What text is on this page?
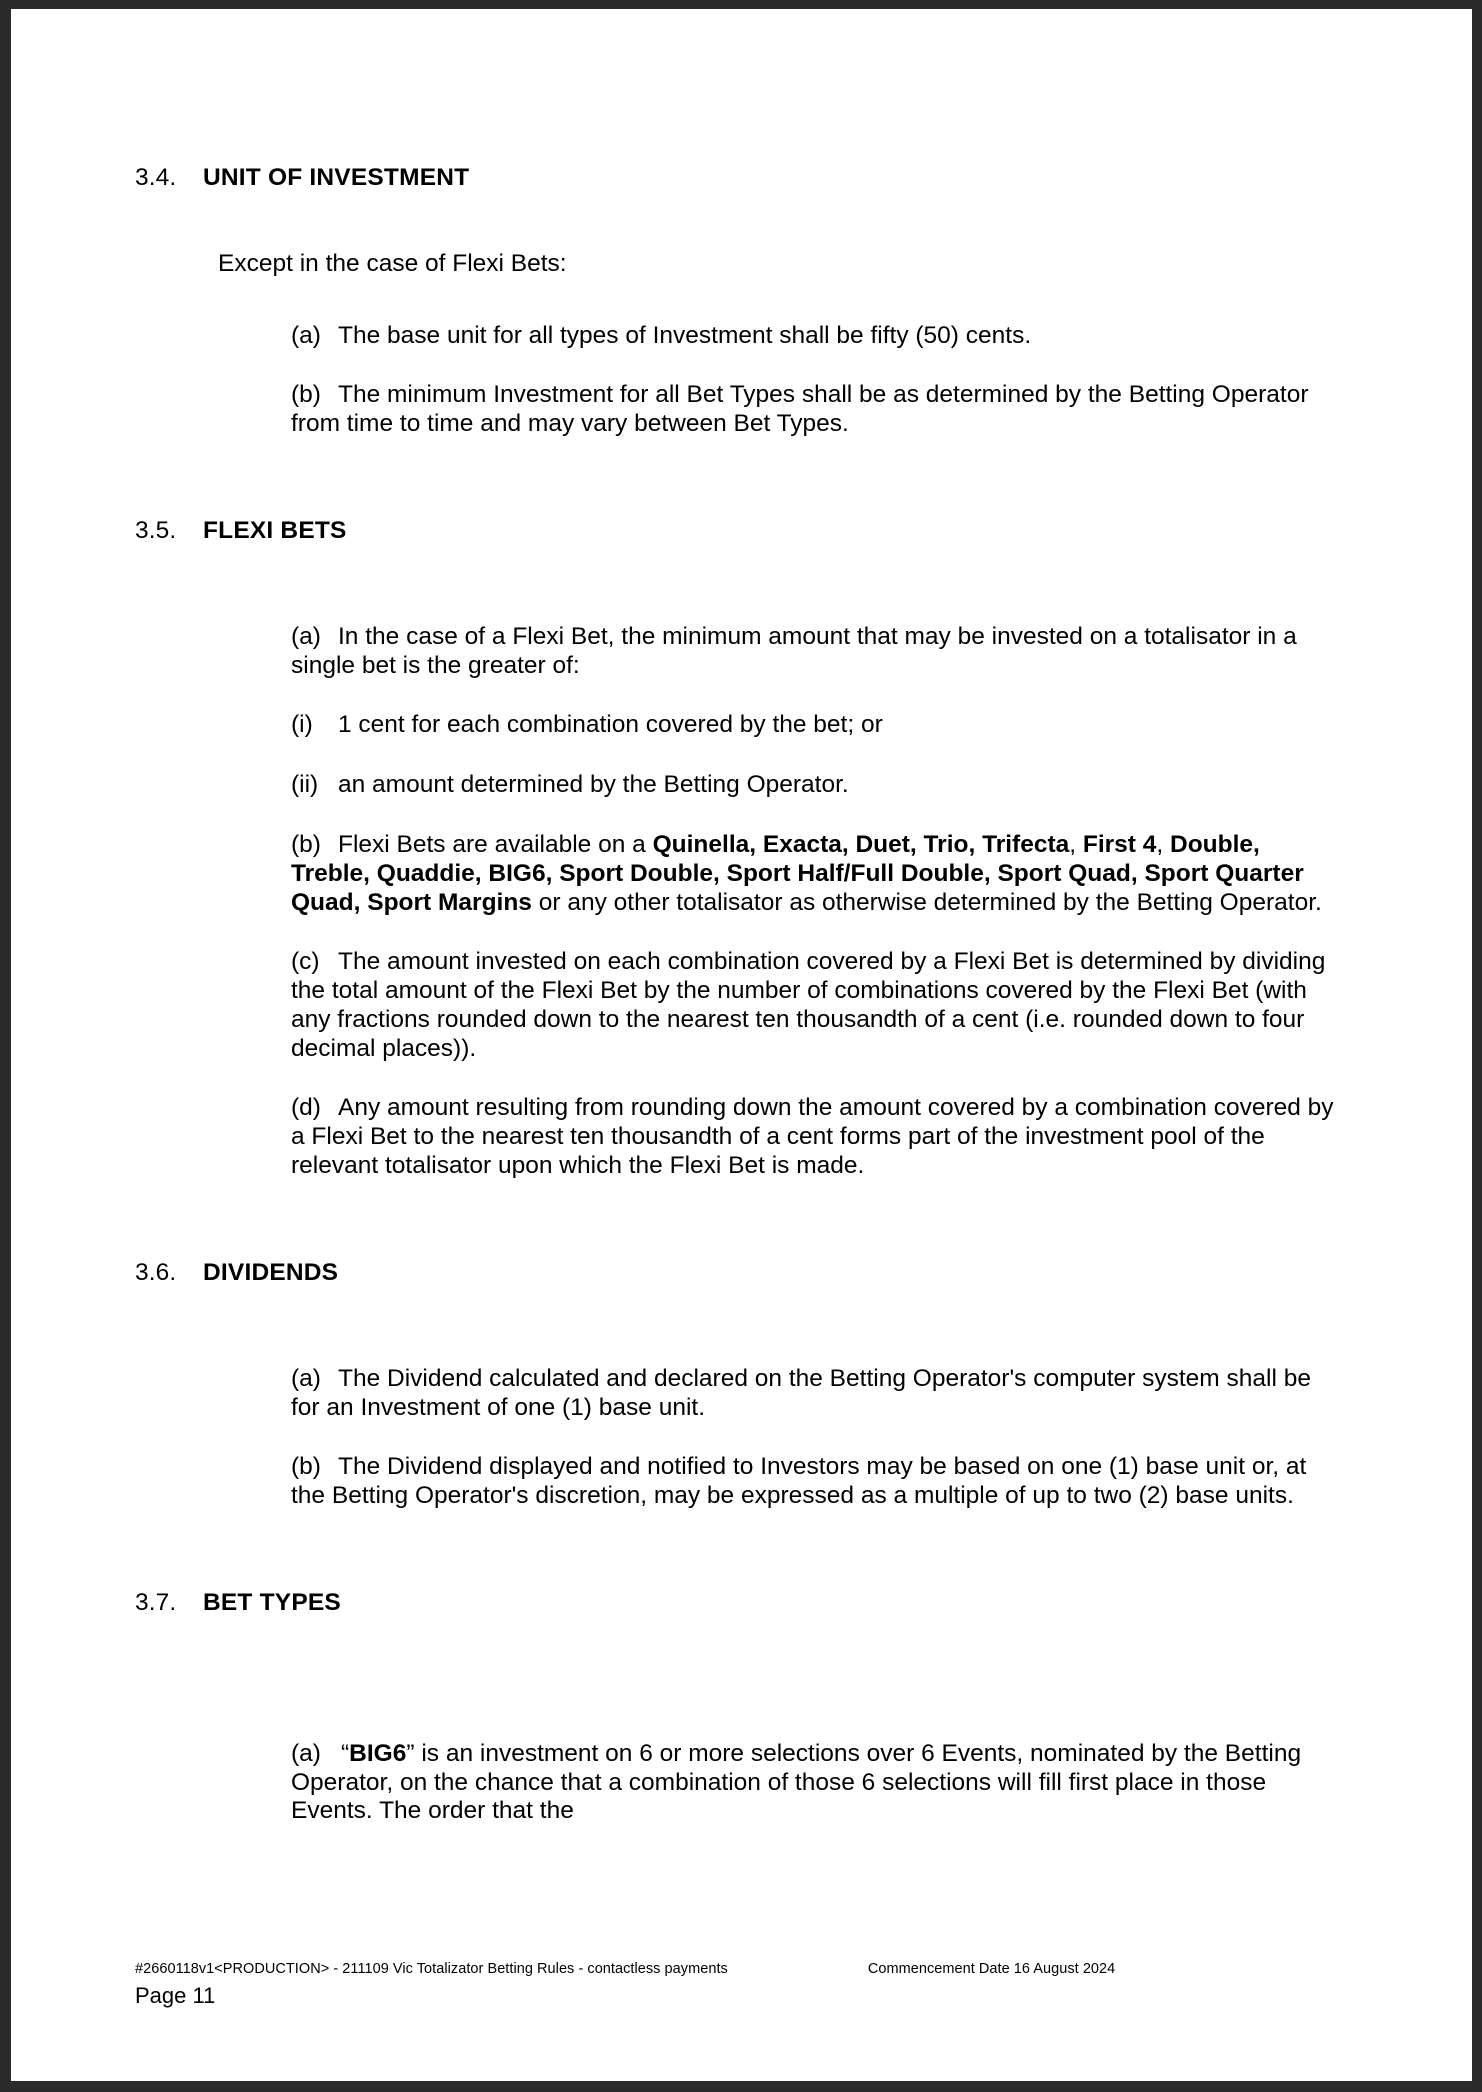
3.4.	UNIT OF INVESTMENT
Except in the case of Flexi Bets:
(a) The base unit for all types of Investment shall be fifty (50) cents.
(b) The minimum Investment for all Bet Types shall be as determined by the Betting Operator from time to time and may vary between Bet Types.
3.5.	FLEXI BETS
(a) In the case of a Flexi Bet, the minimum amount that may be invested on a totalisator in a single bet is the greater of:
(i) 1 cent for each combination covered by the bet; or
(ii) an amount determined by the Betting Operator.
(b) Flexi Bets are available on a Quinella, Exacta, Duet, Trio, Trifecta, First 4, Double, Treble, Quaddie, BIG6, Sport Double, Sport Half/Full Double, Sport Quad, Sport Quarter Quad, Sport Margins or any other totalisator as otherwise determined by the Betting Operator.
(c) The amount invested on each combination covered by a Flexi Bet is determined by dividing the total amount of the Flexi Bet by the number of combinations covered by the Flexi Bet (with any fractions rounded down to the nearest ten thousandth of a cent (i.e. rounded down to four decimal places)).
(d) Any amount resulting from rounding down the amount covered by a combination covered by a Flexi Bet to the nearest ten thousandth of a cent forms part of the investment pool of the relevant totalisator upon which the Flexi Bet is made.
3.6.	DIVIDENDS
(a) The Dividend calculated and declared on the Betting Operator's computer system shall be for an Investment of one (1) base unit.
(b) The Dividend displayed and notified to Investors may be based on one (1) base unit or, at the Betting Operator's discretion, may be expressed as a multiple of up to two (2) base units.
3.7.	BET TYPES
(a) “BIG6” is an investment on 6 or more selections over 6 Events, nominated by the Betting Operator, on the chance that a combination of those 6 selections will fill first place in those Events. The order that the
#2660118v1<PRODUCTION> - 211109 Vic Totalizator Betting Rules - contactless payments	Commencement Date 16 August 2024
Page 11
